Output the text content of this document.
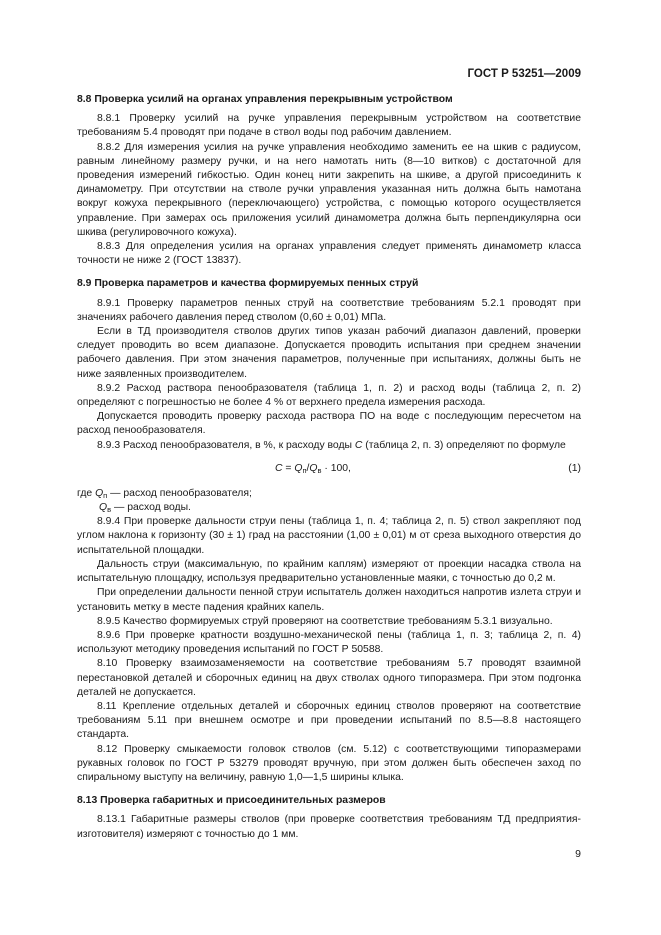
ГОСТ Р 53251—2009

8.8 Проверка усилий на органах управления перекрывным устройством

8.8.1 Проверку усилий на ручке управления перекрывным устройством на соответствие требованиям 5.4 проводят при подаче в ствол воды под рабочим давлением.

8.8.2 Для измерения усилия на ручке управления необходимо заменить ее на шкив с радиусом, равным линейному размеру ручки, и на него намотать нить (8—10 витков) с достаточной для проведения измерений гибкостью. Один конец нити закрепить на шкиве, а другой присоединить к динамометру. При отсутствии на стволе ручки управления указанная нить должна быть намотана вокруг кожуха перекрывного (переключающего) устройства, с помощью которого осуществляется управление. При замерах ось приложения усилий динамометра должна быть перпендикулярна оси шкива (регулировочного кожуха).

8.8.3 Для определения усилия на органах управления следует применять динамометр класса точности не ниже 2 (ГОСТ 13837).

8.9 Проверка параметров и качества формируемых пенных струй

8.9.1 Проверку параметров пенных струй на соответствие требованиям 5.2.1 проводят при значениях рабочего давления перед стволом (0,60 ± 0,01) МПа.

Если в ТД производителя стволов других типов указан рабочий диапазон давлений, проверки следует проводить во всем диапазоне. Допускается проводить испытания при среднем значении рабочего давления. При этом значения параметров, полученные при испытаниях, должны быть не ниже заявленных производителем.

8.9.2 Расход раствора пенообразователя (таблица 1, п. 2) и расход воды (таблица 2, п. 2) определяют с погрешностью не более 4 % от верхнего предела измерения расхода.

Допускается проводить проверку расхода раствора ПО на воде с последующим пересчетом на расход пенообразователя.

8.9.3 Расход пенообразователя, в %, к расходу воды C (таблица 2, п. 3) определяют по формуле

$C = Q_п/Q_в \cdot 100$,	(1)

где $Q_п$ — расход пенообразователя;

$Q_в$ — расход воды.

8.9.4 При проверке дальности струи пены (таблица 1, п. 4; таблица 2, п. 5) ствол закрепляют под углом наклона к горизонту (30 ± 1) град на расстоянии (1,00 ± 0,01) м от среза выходного отверстия до испытательной площадки.

Дальность струи (максимальную, по крайним каплям) измеряют от проекции насадка ствола на испытательную площадку, используя предварительно установленные маяки, с точностью до 0,2 м.

При определении дальности пенной струи испытатель должен находиться напротив излета струи и установить метку в месте падения крайних капель.

8.9.5 Качество формируемых струй проверяют на соответствие требованиям 5.3.1 визуально.

8.9.6 При проверке кратности воздушно-механической пены (таблица 1, п. 3; таблица 2, п. 4) используют методику проведения испытаний по ГОСТ Р 50588.

8.10 Проверку взаимозаменяемости на соответствие требованиям 5.7 проводят взаимной перестановкой деталей и сборочных единиц на двух стволах одного типоразмера. При этом подгонка деталей не допускается.

8.11 Крепление отдельных деталей и сборочных единиц стволов проверяют на соответствие требованиям 5.11 при внешнем осмотре и при проведении испытаний по 8.5—8.8 настоящего стандарта.

8.12 Проверку смыкаемости головок стволов (см. 5.12) с соответствующими типоразмерами рукавных головок по ГОСТ Р 53279 проводят вручную, при этом должен быть обеспечен заход по спиральному выступу на величину, равную 1,0—1,5 ширины клыка.

8.13 Проверка габаритных и присоединительных размеров

8.13.1 Габаритные размеры стволов (при проверке соответствия требованиям ТД предприятия-изготовителя) измеряют с точностью до 1 мм.

9
